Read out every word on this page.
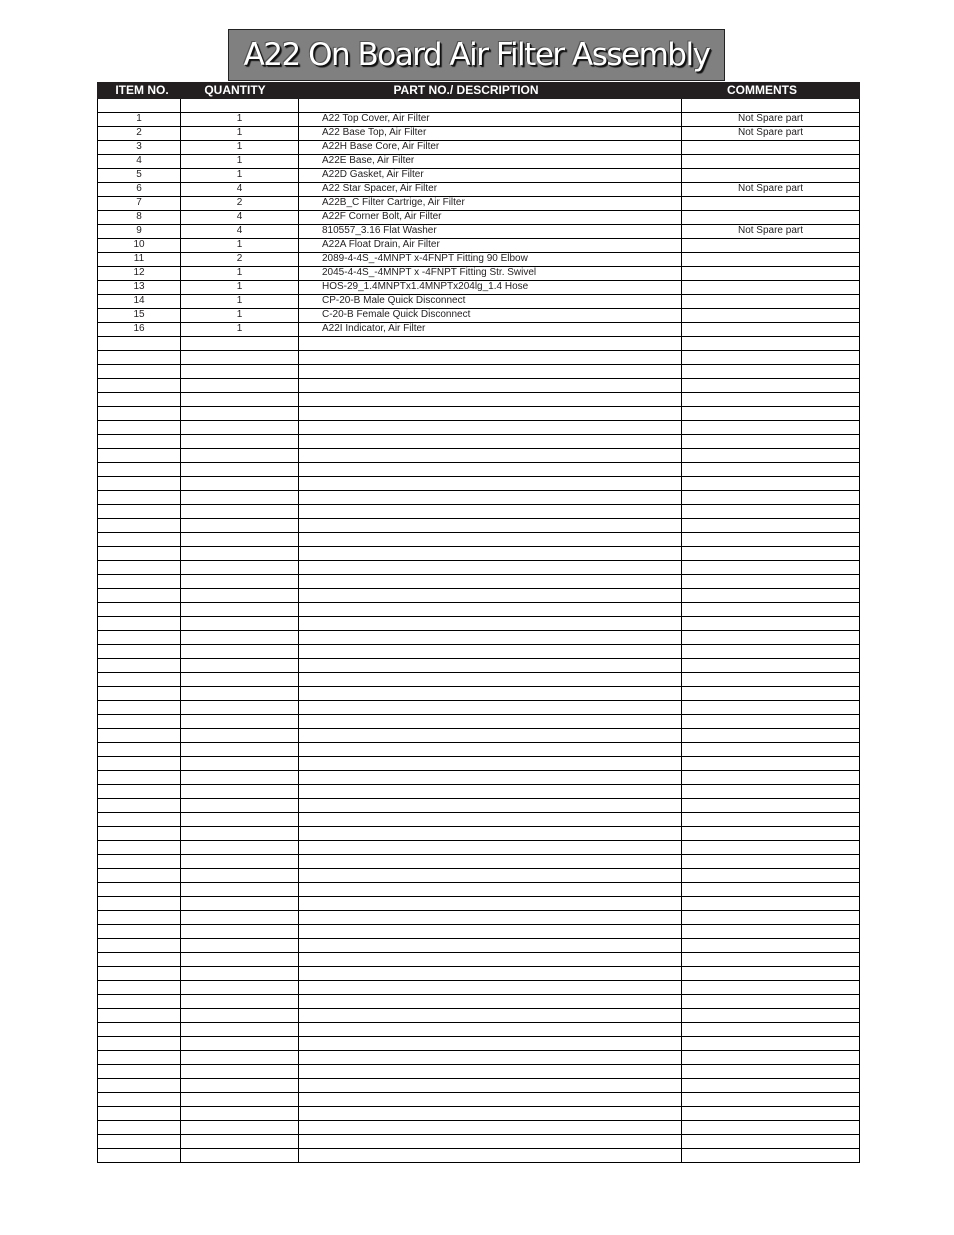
A22 On Board Air Filter Assembly
ITEM NO.	QUANTITY	PART NO./ DESCRIPTION	COMMENTS
1	1	A22 Top Cover, Air Filter	Not Spare part
2	1	A22 Base Top, Air Filter	Not Spare part
3	1	A22H Base Core, Air Filter
4	1	A22E Base, Air Filter
5	1	A22D Gasket, Air Filter
6	4	A22 Star Spacer, Air Filter	Not Spare part
7	2	A22B_C Filter Cartrige, Air Filter
8	4	A22F Corner Bolt, Air Filter
9	4	810557_3.16 Flat Washer	Not Spare part
10	1	A22A Float Drain, Air Filter
11	2	2089-4-4S_-4MNPT x-4FNPT Fitting 90 Elbow
12	1	2045-4-4S_-4MNPT x -4FNPT Fitting Str. Swivel
13	1	HOS-29_1.4MNPTx1.4MNPTx204lg_1.4 Hose
14	1	CP-20-B Male Quick Disconnect
15	1	C-20-B Female Quick Disconnect
16	1	A22I Indicator, Air Filter
